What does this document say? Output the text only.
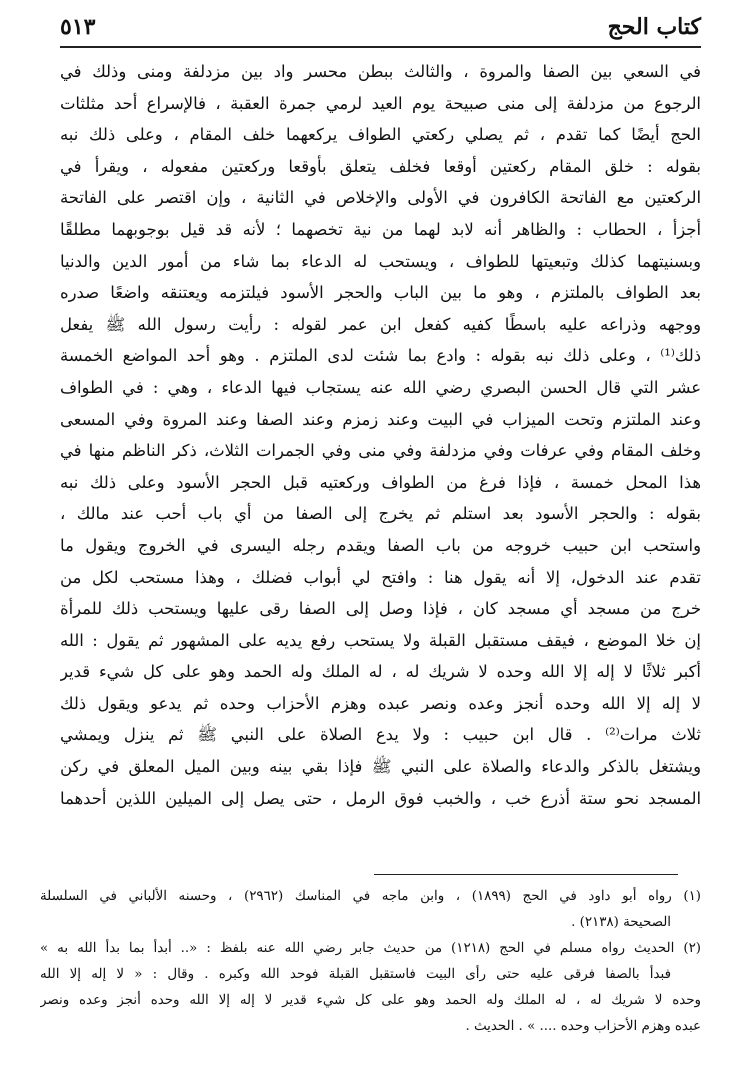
كتاب الحج
٥١٣
في السعي بين الصفا والمروة ، والثالث ببطن محسر واد بين مزدلفة ومنى وذلك في
الرجوع من مزدلفة إلى منى صبيحة يوم العيد لرمي جمرة العقبة ، فالإسراع أحد مثلثات
الحج أيضًا كما تقدم ، ثم يصلي ركعتي الطواف يركعهما خلف المقام ، وعلى ذلك نبه
بقوله : خلق المقام ركعتين أوقعا فخلف يتعلق بأوقعا وركعتين مفعوله ، ويقرأ في
الركعتين مع الفاتحة الكافرون في الأولى والإخلاص في الثانية ، وإن اقتصر على الفاتحة
أجزأ ، الحطاب : والظاهر أنه لابد لهما من نية تخصهما ؛ لأنه قد قيل بوجوبهما مطلقًا
وبسنيتهما كذلك وتبعيتها للطواف ، ويستحب له الدعاء بما شاء من أمور الدين والدنيا
بعد الطواف بالملتزم ، وهو ما بين الباب والحجر الأسود فيلتزمه ويعتنقه واضعًا صدره
ووجهه وذراعه عليه باسطًا كفيه كفعل ابن عمر لقوله : رأيت رسول الله ﷺ يفعل
ذلك⁽¹⁾ ، وعلى ذلك نبه بقوله : وادع بما شئت لدى الملتزم . وهو أحد المواضع الخمسة
عشر التي قال الحسن البصري رضي الله عنه يستجاب فيها الدعاء ، وهي : في الطواف
وعند الملتزم وتحت الميزاب في البيت وعند زمزم وعند الصفا وعند المروة وفي المسعى
وخلف المقام وفي عرفات وفي مزدلفة وفي منى وفي الجمرات الثلاث، ذكر الناظم منها في
هذا المحل خمسة ، فإذا فرغ من الطواف وركعتيه قبل الحجر الأسود وعلى ذلك نبه
بقوله : والحجر الأسود بعد استلم ثم يخرج إلى الصفا من أي باب أحب عند مالك ،
واستحب ابن حبيب خروجه من باب الصفا ويقدم رجله اليسرى في الخروج ويقول ما
تقدم عند الدخول، إلا أنه يقول هنا : وافتح لي أبواب فضلك ، وهذا مستحب لكل من
خرج من مسجد أي مسجد كان ، فإذا وصل إلى الصفا رقى عليها ويستحب ذلك للمرأة
إن خلا الموضع ، فيقف مستقبل القبلة ولا يستحب رفع يديه على المشهور ثم يقول : الله
أكبر ثلاثًا لا إله إلا الله وحده لا شريك له ، له الملك وله الحمد وهو على كل شيء قدير
لا إله إلا الله وحده أنجز وعده ونصر عبده وهزم الأحزاب وحده ثم يدعو ويقول ذلك
ثلاث مرات⁽²⁾ . قال ابن حبيب : ولا يدع الصلاة على النبي ﷺ ثم ينزل ويمشي
ويشتغل بالذكر والدعاء والصلاة على النبي ﷺ فإذا بقي بينه وبين الميل المعلق في ركن
المسجد نحو ستة أذرع خب ، والخبب فوق الرمل ، حتى يصل إلى الميلين اللذين أحدهما
(١) رواه أبو داود في الحج (١٨٩٩) ، وابن ماجه في المناسك (٢٩٦٢) ، وحسنه الألباني في السلسلة
الصحيحة (٢١٣٨) .
(٢) الحديث رواه مسلم في الحج (١٢١٨) من حديث جابر رضي الله عنه بلفظ : «.. أبدأ بما بدأ الله به »
فبدأ بالصفا فرقى عليه حتى رأى البيت فاستقبل القبلة فوحد الله وكبره . وقال : « لا إله إلا الله
وحده لا شريك له ، له الملك وله الحمد وهو على كل شيء قدير لا إله إلا الله وحده أنجز وعده ونصر
عبده وهزم الأحزاب وحده .... » . الحديث .
